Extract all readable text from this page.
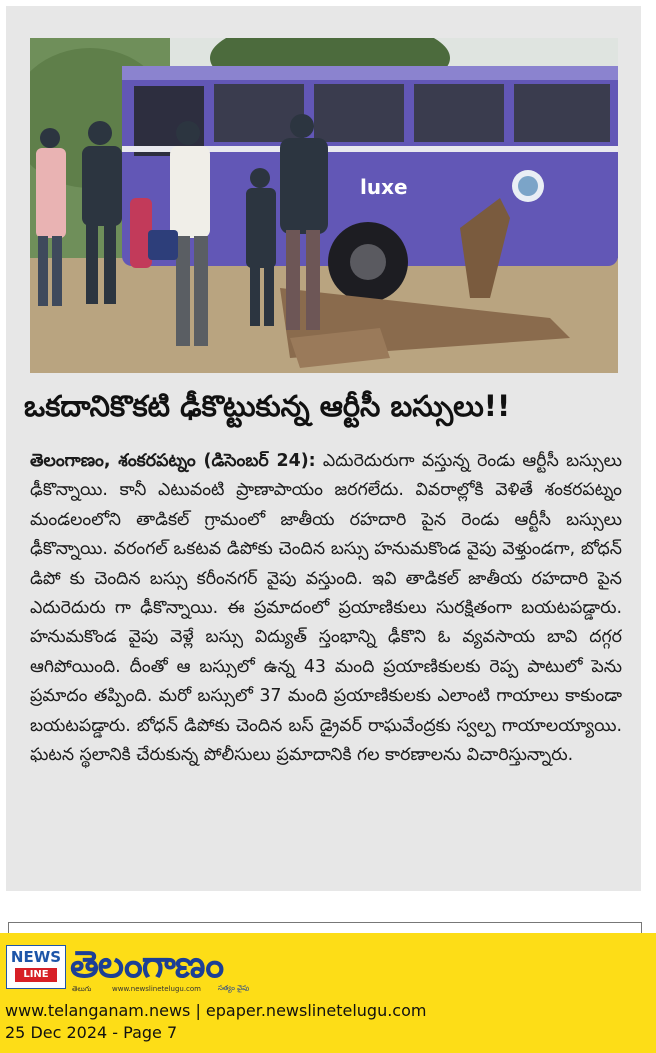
luxe
ఒకదానికొకటి ఢీకొట్టుకున్న ఆర్టీసీ బస్సులు!!
తెలంగాణం, శంకరపట్నం (డిసెంబర్ 24): ఎదురెదురుగా వస్తున్న రెండు ఆర్టీసీ బస్సులు ఢీకొన్నాయి. కానీ ఎటువంటి ప్రాణాపాయం జరగలేదు. వివరాల్లోకి వెళితే శంకరపట్నం మండలంలోని తాడికల్ గ్రామంలో జాతీయ రహదారి పైన రెండు ఆర్టీసీ బస్సులు ఢీకొన్నాయి. వరంగల్ ఒకటవ డిపోకు చెందిన బస్సు హనుమకొండ వైపు వెళ్తుండగా, బోధన్ డిపో కు చెందిన బస్సు కరీంనగర్ వైపు వస్తుంది. ఇవి తాడికల్ జాతీయ రహదారి పైన ఎదురెదురు గా ఢీకొన్నాయి. ఈ ప్రమాదంలో ప్రయాణికులు సురక్షితంగా బయటపడ్డారు. హనుమకొండ వైపు వెళ్లే బస్సు విద్యుత్ స్తంభాన్ని ఢీకొని ఓ వ్యవసాయ బావి దగ్గర ఆగిపోయింది. దీంతో ఆ బస్సులో ఉన్న 43 మంది ప్రయాణికులకు రెప్ప పాటులో పెను ప్రమాదం తప్పింది. మరో బస్సులో 37 మంది ప్రయాణికులకు ఎలాంటి గాయాలు కాకుండా బయటపడ్డారు. బోధన్ డిపోకు చెందిన బస్ డ్రైవర్ రాఘవేంద్రకు స్వల్ప గాయాలయ్యాయి. ఘటన స్థలానికి చేరుకున్న పోలీసులు ప్రమాదానికి గల కారణాలను విచారిస్తున్నారు.
NEWS
LINE తెలంగాణం
తెలుగు	www.newslinetelugu.com సత్యం వైపు
www.telanganam.news | epaper.newslinetelugu.com
25 Dec 2024 - Page 7
